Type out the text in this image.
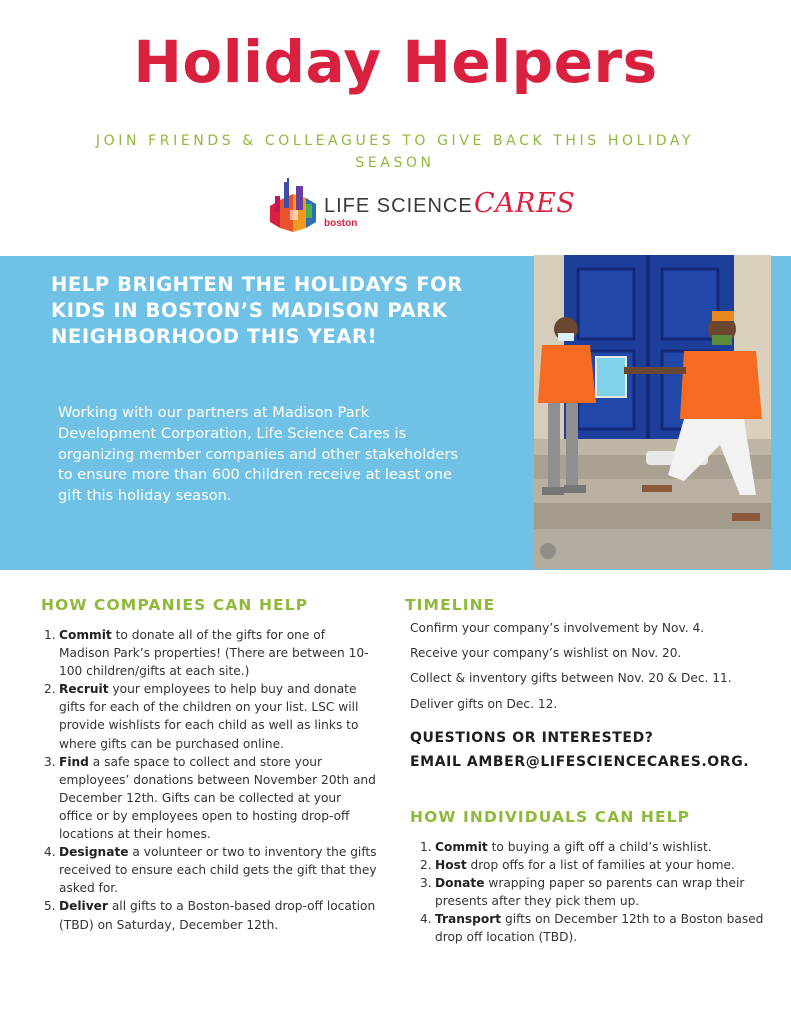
Holiday Helpers
JOIN FRIENDS & COLLEAGUES TO GIVE BACK THIS HOLIDAY SEASON
LIFE SCIENCE CARES
boston
HELP BRIGHTEN THE HOLIDAYS FOR KIDS IN BOSTON’S MADISON PARK NEIGHBORHOOD THIS YEAR!

Working with our partners at Madison Park Development Corporation, Life Science Cares is organizing member companies and other stakeholders to ensure more than 600 children receive at least one gift this holiday season.

HOW COMPANIES CAN HELP
1. Commit to donate all of the gifts for one of Madison Park’s properties! (There are between 10-100 children/gifts at each site.)
2. Recruit your employees to help buy and donate gifts for each of the children on your list. LSC will provide wishlists for each child as well as links to where gifts can be purchased online.
3. Find a safe space to collect and store your employees’ donations between November 20th and December 12th. Gifts can be collected at your office or by employees open to hosting drop-off locations at their homes.
4. Designate a volunteer or two to inventory the gifts received to ensure each child gets the gift that they asked for.
5. Deliver all gifts to a Boston-based drop-off location (TBD) on Saturday, December 12th.
TIMELINE

Confirm your company’s involvement by Nov. 4.

Receive your company’s wishlist on Nov. 20.

Collect & inventory gifts between Nov. 20 & Dec. 11.

Deliver gifts on Dec. 12.

QUESTIONS OR INTERESTED?
EMAIL AMBER@LIFESCIENCECARES.ORG.

HOW INDIVIDUALS CAN HELP
1. Commit to buying a gift off a child’s wishlist.
2. Host drop offs for a list of families at your home.
3. Donate wrapping paper so parents can wrap their presents after they pick them up.
4. Transport gifts on December 12th to a Boston based drop off location (TBD).
